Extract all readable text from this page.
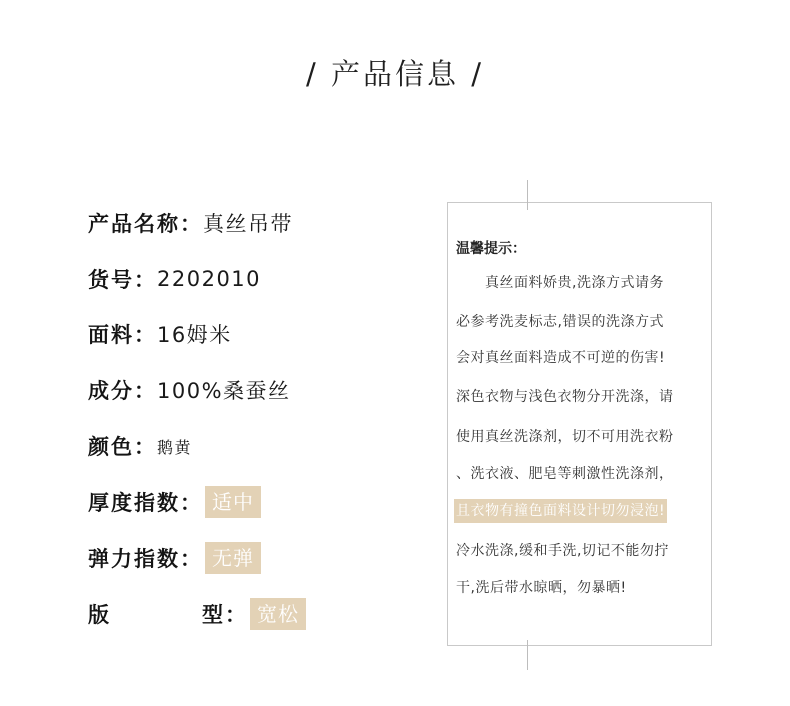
/ 产品信息 /
产品名称： 真丝吊带
货号： 2202010
面料： 16姆米
成分： 100%桑蚕丝
颜色： 鹅黄
厚度指数： 适中
弹力指数： 无弹
版	型： 宽松
温馨提示：
　　真丝面料娇贵,洗涤方式请务
必参考洗麦标志,错误的洗涤方式
会对真丝面料造成不可逆的伤害!
深色衣物与浅色衣物分开洗涤，请
使用真丝洗涤剂，切不可用洗衣粉
、洗衣液、肥皂等刺激性洗涤剂，
且衣物有撞色面料设计切勿浸泡!
冷水洗涤,缓和手洗,切记不能勿拧
干,洗后带水晾晒，勿暴晒!
